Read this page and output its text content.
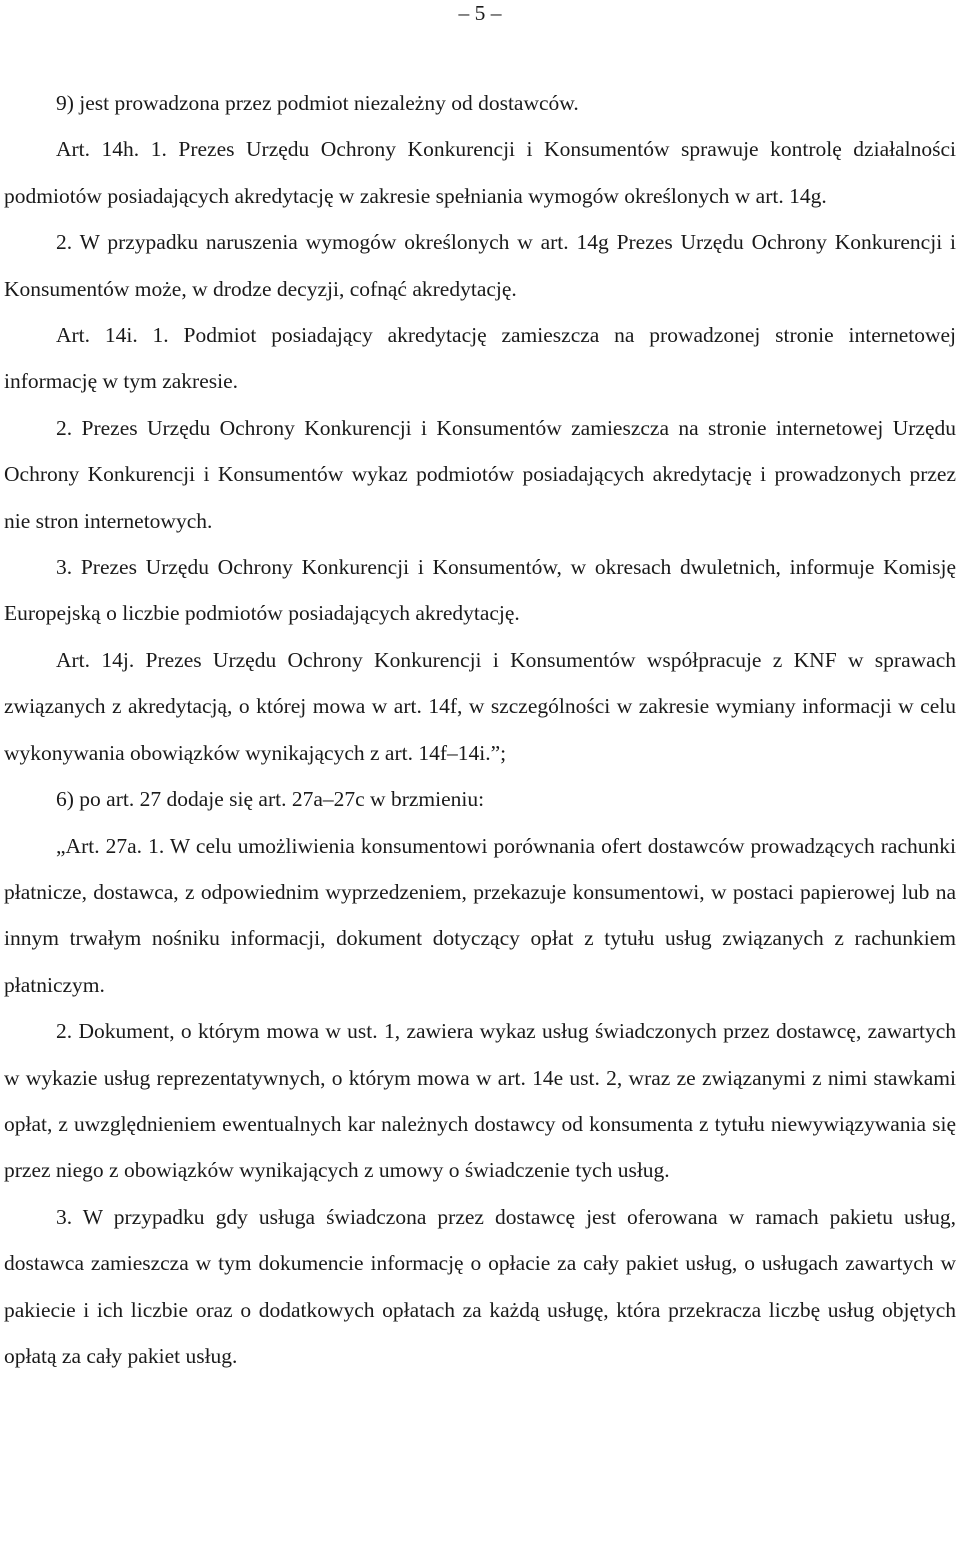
– 5 –

9) jest prowadzona przez podmiot niezależny od dostawców.

Art. 14h. 1. Prezes Urzędu Ochrony Konkurencji i Konsumentów sprawuje kontrolę działalności podmiotów posiadających akredytację w zakresie spełniania wymogów określonych w art. 14g.

2. W przypadku naruszenia wymogów określonych w art. 14g Prezes Urzędu Ochrony Konkurencji i Konsumentów może, w drodze decyzji, cofnąć akredytację.

Art. 14i. 1. Podmiot posiadający akredytację zamieszcza na prowadzonej stronie internetowej informację w tym zakresie.

2. Prezes Urzędu Ochrony Konkurencji i Konsumentów zamieszcza na stronie internetowej Urzędu Ochrony Konkurencji i Konsumentów wykaz podmiotów posiadających akredytację i prowadzonych przez nie stron internetowych.

3. Prezes Urzędu Ochrony Konkurencji i Konsumentów, w okresach dwuletnich, informuje Komisję Europejską o liczbie podmiotów posiadających akredytację.

Art. 14j. Prezes Urzędu Ochrony Konkurencji i Konsumentów współpracuje z KNF w sprawach związanych z akredytacją, o której mowa w art. 14f, w szczególności w zakresie wymiany informacji w celu wykonywania obowiązków wynikających z art. 14f–14i.”;

6) po art. 27 dodaje się art. 27a–27c w brzmieniu:

„Art. 27a. 1. W celu umożliwienia konsumentowi porównania ofert dostawców prowadzących rachunki płatnicze, dostawca, z odpowiednim wyprzedzeniem, przekazuje konsumentowi, w postaci papierowej lub na innym trwałym nośniku informacji, dokument dotyczący opłat z tytułu usług związanych z rachunkiem płatniczym.

2. Dokument, o którym mowa w ust. 1, zawiera wykaz usług świadczonych przez dostawcę, zawartych w wykazie usług reprezentatywnych, o którym mowa w art. 14e ust. 2, wraz ze związanymi z nimi stawkami opłat, z uwzględnieniem ewentualnych kar należnych dostawcy od konsumenta z tytułu niewywiązywania się przez niego z obowiązków wynikających z umowy o świadczenie tych usług.

3. W przypadku gdy usługa świadczona przez dostawcę jest oferowana w ramach pakietu usług, dostawca zamieszcza w tym dokumencie informację o opłacie za cały pakiet usług, o usługach zawartych w pakiecie i ich liczbie oraz o dodatkowych opłatach za każdą usługę, która przekracza liczbę usług objętych opłatą za cały pakiet usług.
